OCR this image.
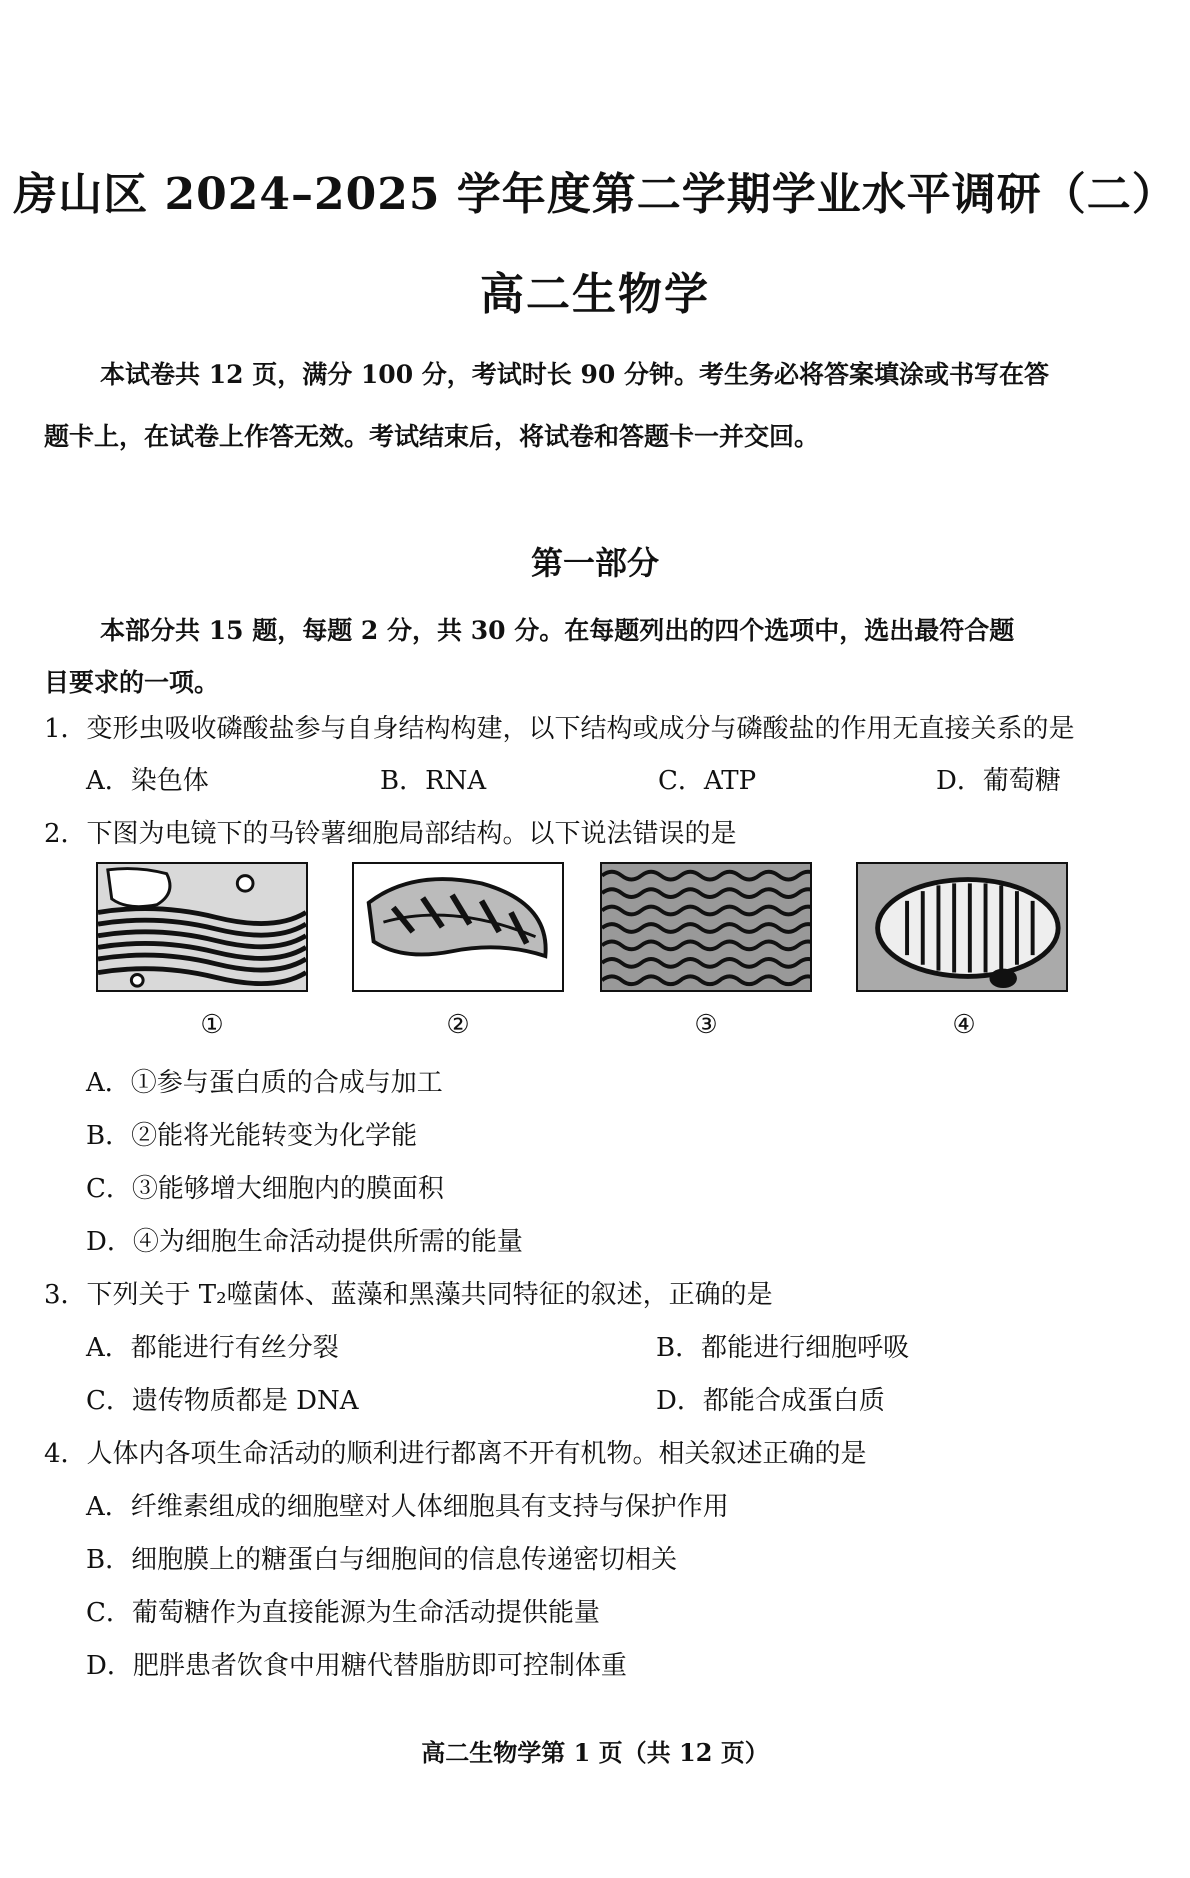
房山区 2024–2025 学年度第二学期学业水平调研（二）
高二生物学
本试卷共 12 页，满分 100 分，考试时长 90 分钟。考生务必将答案填涂或书写在答
题卡上，在试卷上作答无效。考试结束后，将试卷和答题卡一并交回。
第一部分
本部分共 15 题，每题 2 分，共 30 分。在每题列出的四个选项中，选出最符合题
目要求的一项。
1．变形虫吸收磷酸盐参与自身结构构建，以下结构或成分与磷酸盐的作用无直接关系的是
A．染色体	B．RNA	C．ATP	D．葡萄糖
2．下图为电镜下的马铃薯细胞局部结构。以下说法错误的是
①	②	③	④
A．①参与蛋白质的合成与加工
B．②能将光能转变为化学能
C．③能够增大细胞内的膜面积
D．④为细胞生命活动提供所需的能量
3．下列关于 T₂噬菌体、蓝藻和黑藻共同特征的叙述，正确的是
A．都能进行有丝分裂	B．都能进行细胞呼吸
C．遗传物质都是 DNA	D．都能合成蛋白质
4．人体内各项生命活动的顺利进行都离不开有机物。相关叙述正确的是
A．纤维素组成的细胞壁对人体细胞具有支持与保护作用
B．细胞膜上的糖蛋白与细胞间的信息传递密切相关
C．葡萄糖作为直接能源为生命活动提供能量
D．肥胖患者饮食中用糖代替脂肪即可控制体重
高二生物学第 1 页（共 12 页）
